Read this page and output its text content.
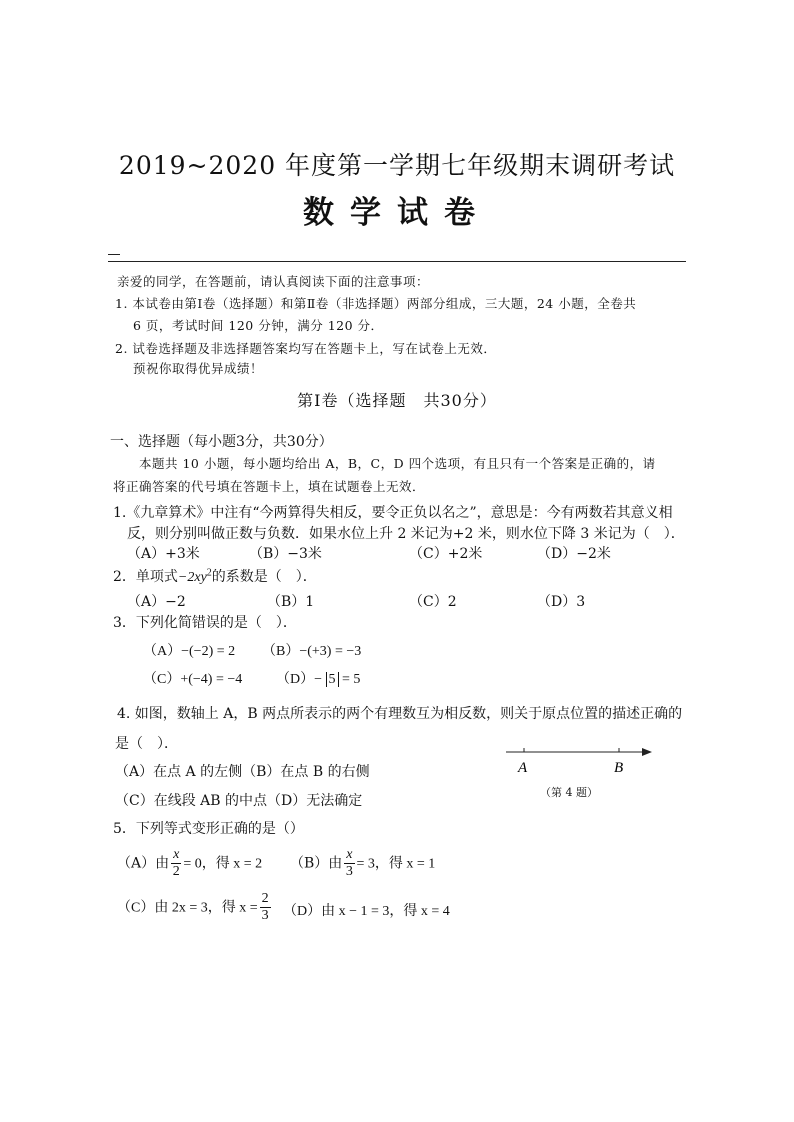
2019~2020 年度第一学期七年级期末调研考试
数学试卷
亲爱的同学，在答题前，请认真阅读下面的注意事项：
1. 本试卷由第Ⅰ卷（选择题）和第Ⅱ卷（非选择题）两部分组成，三大题，24 小题，全卷共
6 页，考试时间 120 分钟，满分 120 分．
2. 试卷选择题及非选择题答案均写在答题卡上，写在试卷上无效．
预祝你取得优异成绩！
第Ⅰ卷（选择题　共30分）
一、选择题（每小题3分，共30分）
本题共 10 小题，每小题均给出 A，B，C，D 四个选项，有且只有一个答案是正确的，请
将正确答案的代号填在答题卡上，填在试题卷上无效．
1.《九章算术》中注有“今两算得失相反，要令正负以名之”，意思是：今有两数若其意义相
反，则分别叫做正数与负数．如果水位上升 2 米记为+2 米，则水位下降 3 米记为（　）．
（A）+3米	（B）−3米	（C）+2米	（D）−2米
2．单项式$-2xy^2$的系数是（　）．
（A）−2	（B）1	（C）2	（D）3
3．下列化简错误的是（　）．
（A）−(−2) = 2 （B）−(+3) = −3
（C）+(−4) = −4 （D）− 5 = 5
4. 如图，数轴上 A，B 两点所表示的两个有理数互为相反数，则关于原点位置的描述正确的
是（　）．
（A）在点 A 的左侧（B）在点 B 的右侧
（C）在线段 AB 的中点（D）无法确定
A	B
（第 4 题）
5．下列等式变形正确的是（）
（A）由 $\frac{x}{2} = 0$，得 x = 2 （B）由 $\frac{x}{3} = 3$，得 x = 1
（C）由 2x = 3，得 $x = \frac{2}{3} (D)$由 x − 1 = 3，得 x = 4
